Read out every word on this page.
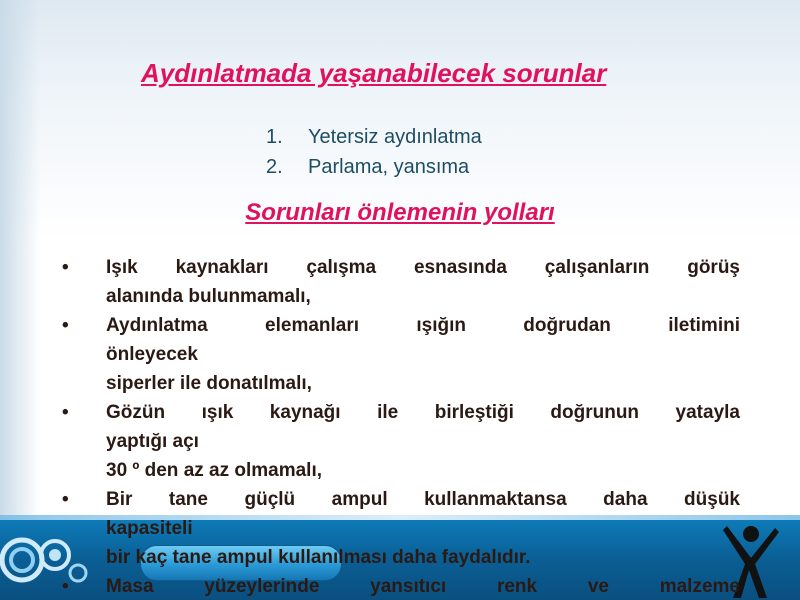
Aydınlatmada yaşanabilecek sorunlar
1. Yetersiz aydınlatma
2. Parlama, yansıma
Sorunları önlemenin yolları
•	Işık kaynakları çalışma esnasında çalışanların görüş
alanında bulunmamalı,
•	Aydınlatma elemanları ışığın doğrudan iletimini
önleyecek
siperler ile donatılmalı,
•	Gözün ışık kaynağı ile birleştiği doğrunun yatayla
yaptığı açı
30 º den az az olmamalı,
•	Bir tane güçlü ampul kullanmaktansa daha düşük
kapasiteli
bir kaç tane ampul kullanılması daha faydalıdır.
•	Masa yüzeylerinde yansıtıcı renk ve malzeme
